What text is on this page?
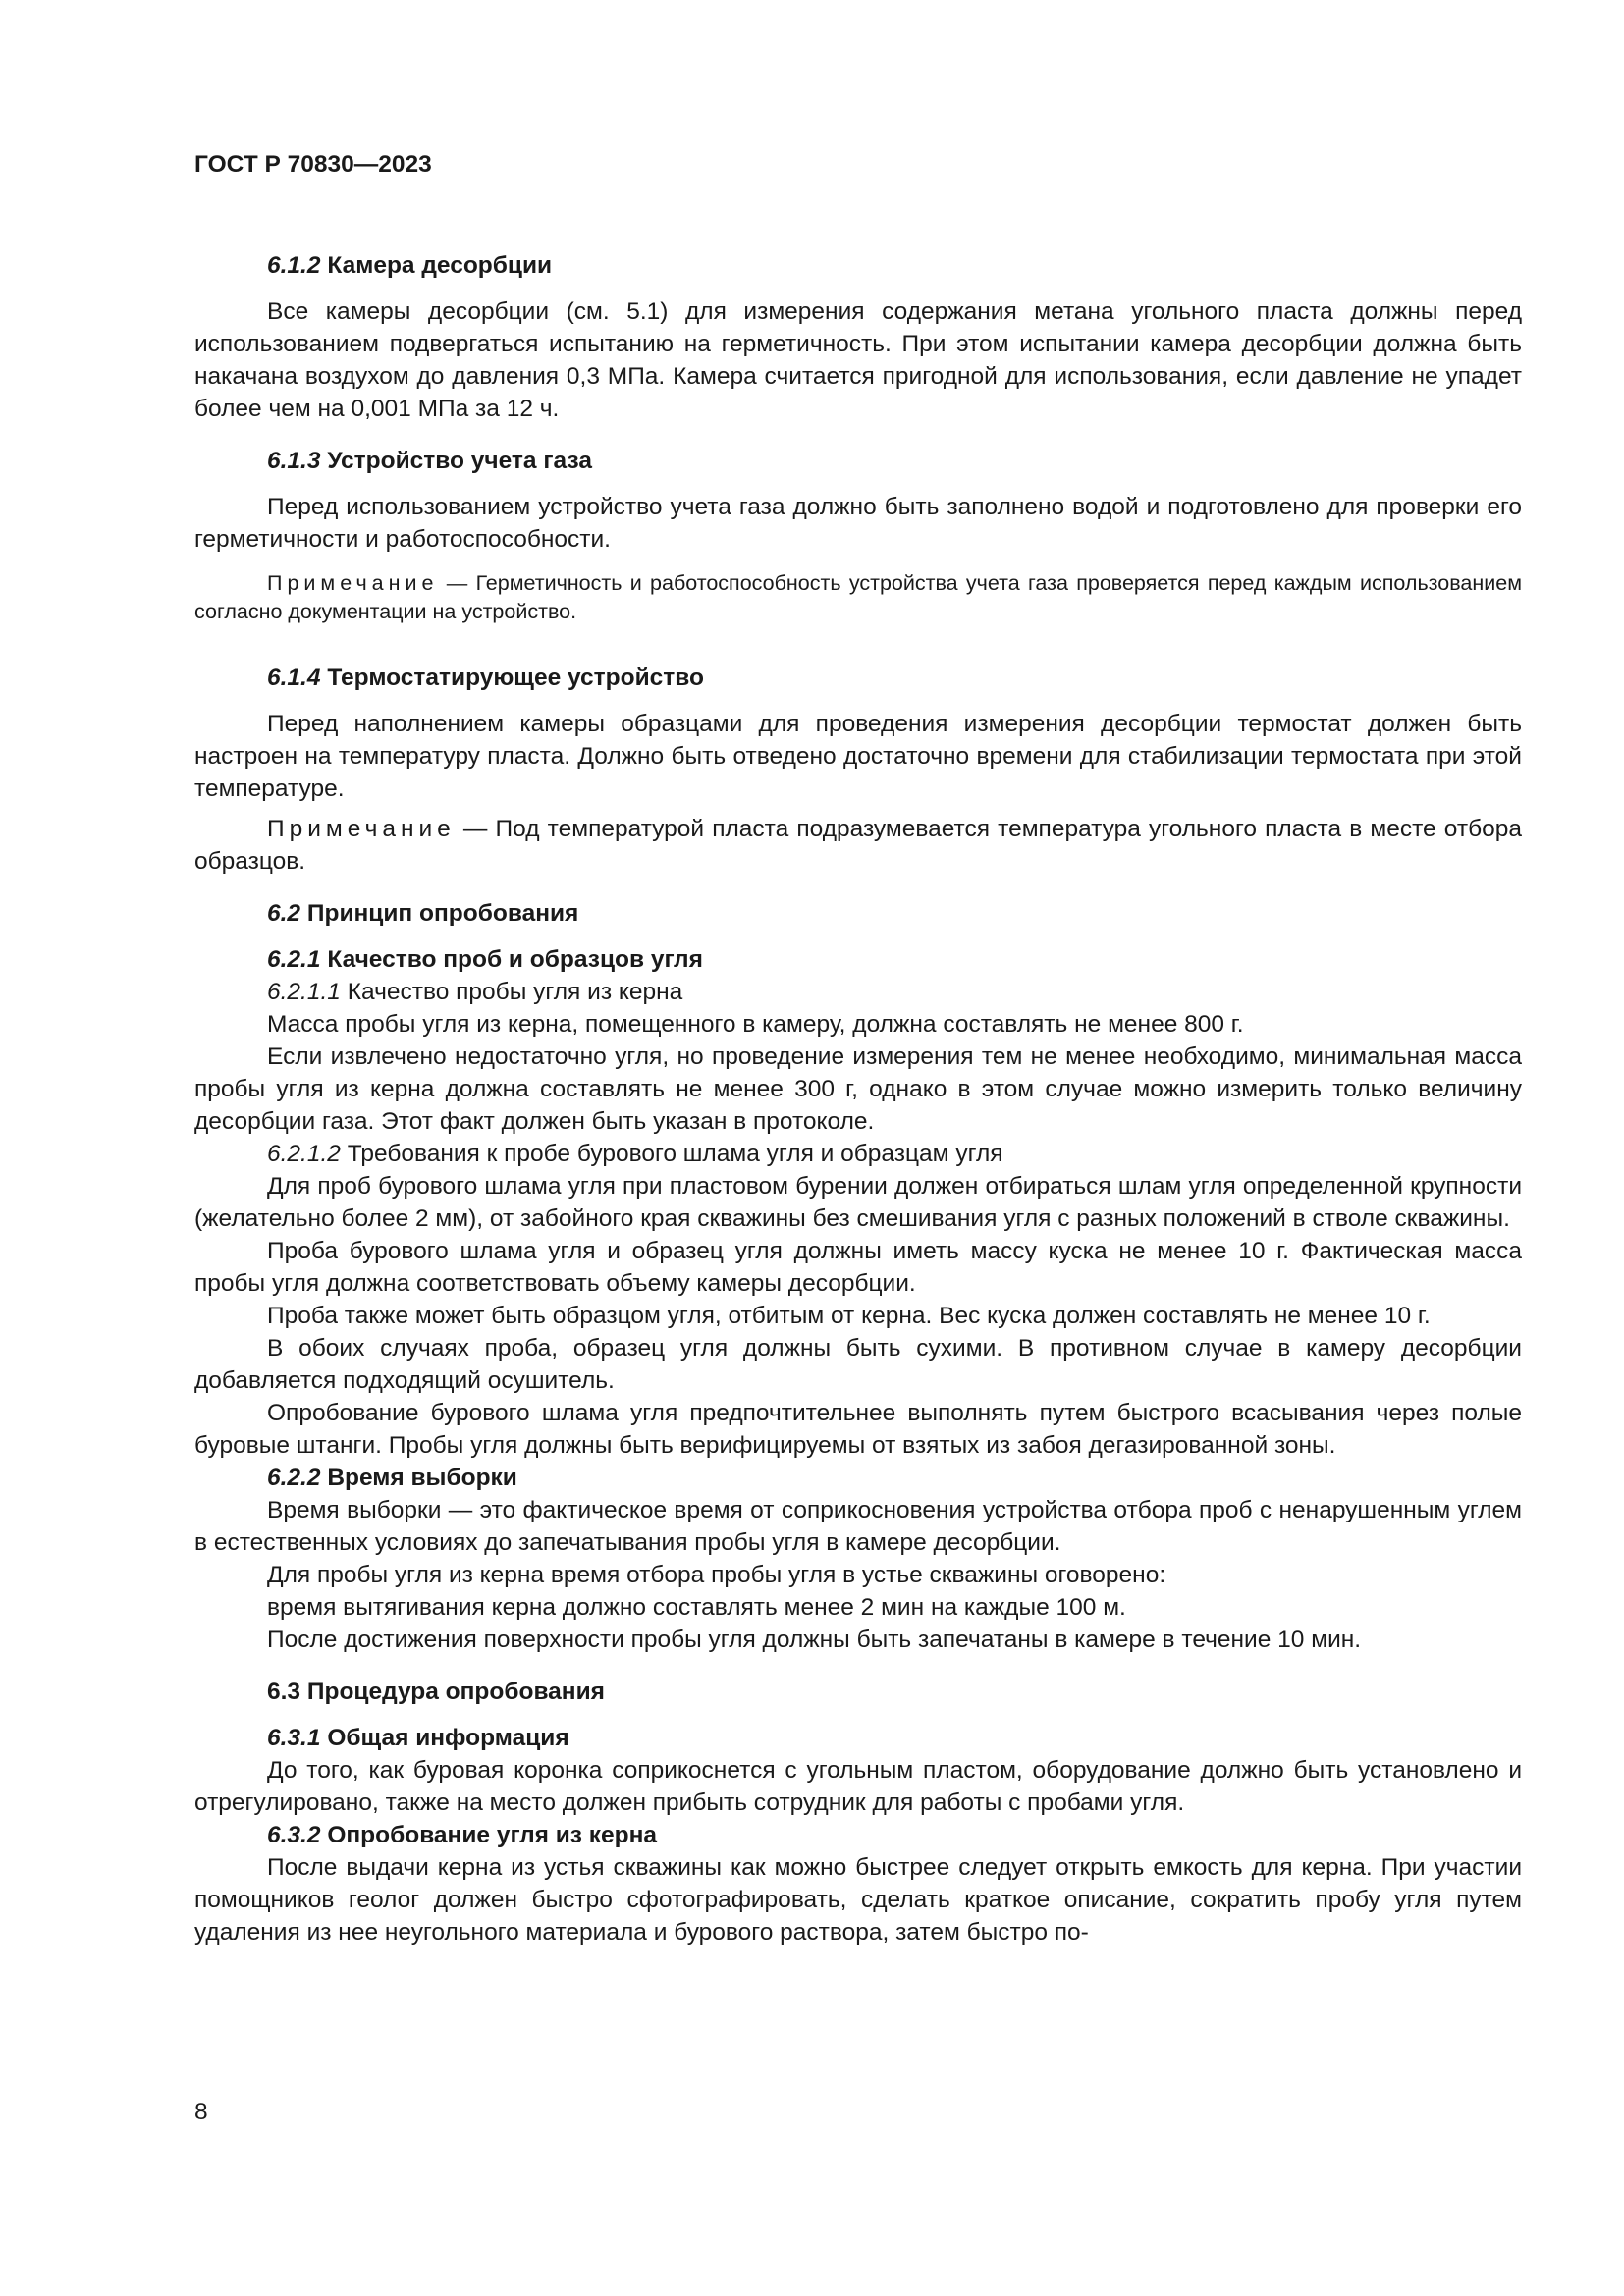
ГОСТ Р 70830—2023
6.1.2 Камера десорбции

Все камеры десорбции (см. 5.1) для измерения содержания метана угольного пласта должны перед использованием подвергаться испытанию на герметичность. При этом испытании камера десорбции должна быть накачана воздухом до давления 0,3 МПа. Камера считается пригодной для использования, если давление не упадет более чем на 0,001 МПа за 12 ч.

6.1.3 Устройство учета газа

Перед использованием устройство учета газа должно быть заполнено водой и подготовлено для проверки его герметичности и работоспособности.

Примечание — Герметичность и работоспособность устройства учета газа проверяется перед каждым использованием согласно документации на устройство.

6.1.4 Термостатирующее устройство

Перед наполнением камеры образцами для проведения измерения десорбции термостат должен быть настроен на температуру пласта. Должно быть отведено достаточно времени для стабилизации термостата при этой температуре.

Примечание — Под температурой пласта подразумевается температура угольного пласта в месте отбора образцов.

6.2 Принцип опробования
6.2.1 Качество проб и образцов угля
6.2.1.1 Качество пробы угля из керна

Масса пробы угля из керна, помещенного в камеру, должна составлять не менее 800 г.

Если извлечено недостаточно угля, но проведение измерения тем не менее необходимо, минимальная масса пробы угля из керна должна составлять не менее 300 г, однако в этом случае можно измерить только величину десорбции газа. Этот факт должен быть указан в протоколе.

6.2.1.2 Требования к пробе бурового шлама угля и образцам угля

Для проб бурового шлама угля при пластовом бурении должен отбираться шлам угля определенной крупности (желательно более 2 мм), от забойного края скважины без смешивания угля с разных положений в стволе скважины.

Проба бурового шлама угля и образец угля должны иметь массу куска не менее 10 г. Фактическая масса пробы угля должна соответствовать объему камеры десорбции.

Проба также может быть образцом угля, отбитым от керна. Вес куска должен составлять не менее 10 г.

В обоих случаях проба, образец угля должны быть сухими. В противном случае в камеру десорбции добавляется подходящий осушитель.

Опробование бурового шлама угля предпочтительнее выполнять путем быстрого всасывания через полые буровые штанги. Пробы угля должны быть верифицируемы от взятых из забоя дегазированной зоны.

6.2.2 Время выборки

Время выборки — это фактическое время от соприкосновения устройства отбора проб с ненарушенным углем в естественных условиях до запечатывания пробы угля в камере десорбции.

Для пробы угля из керна время отбора пробы угля в устье скважины оговорено:

время вытягивания керна должно составлять менее 2 мин на каждые 100 м.

После достижения поверхности пробы угля должны быть запечатаны в камере в течение 10 мин.

6.3 Процедура опробования
6.3.1 Общая информация

До того, как буровая коронка соприкоснется с угольным пластом, оборудование должно быть установлено и отрегулировано, также на место должен прибыть сотрудник для работы с пробами угля.

6.3.2 Опробование угля из керна

После выдачи керна из устья скважины как можно быстрее следует открыть емкость для керна. При участии помощников геолог должен быстро сфотографировать, сделать краткое описание, сократить пробу угля путем удаления из нее неугольного материала и бурового раствора, затем быстро по-

8
